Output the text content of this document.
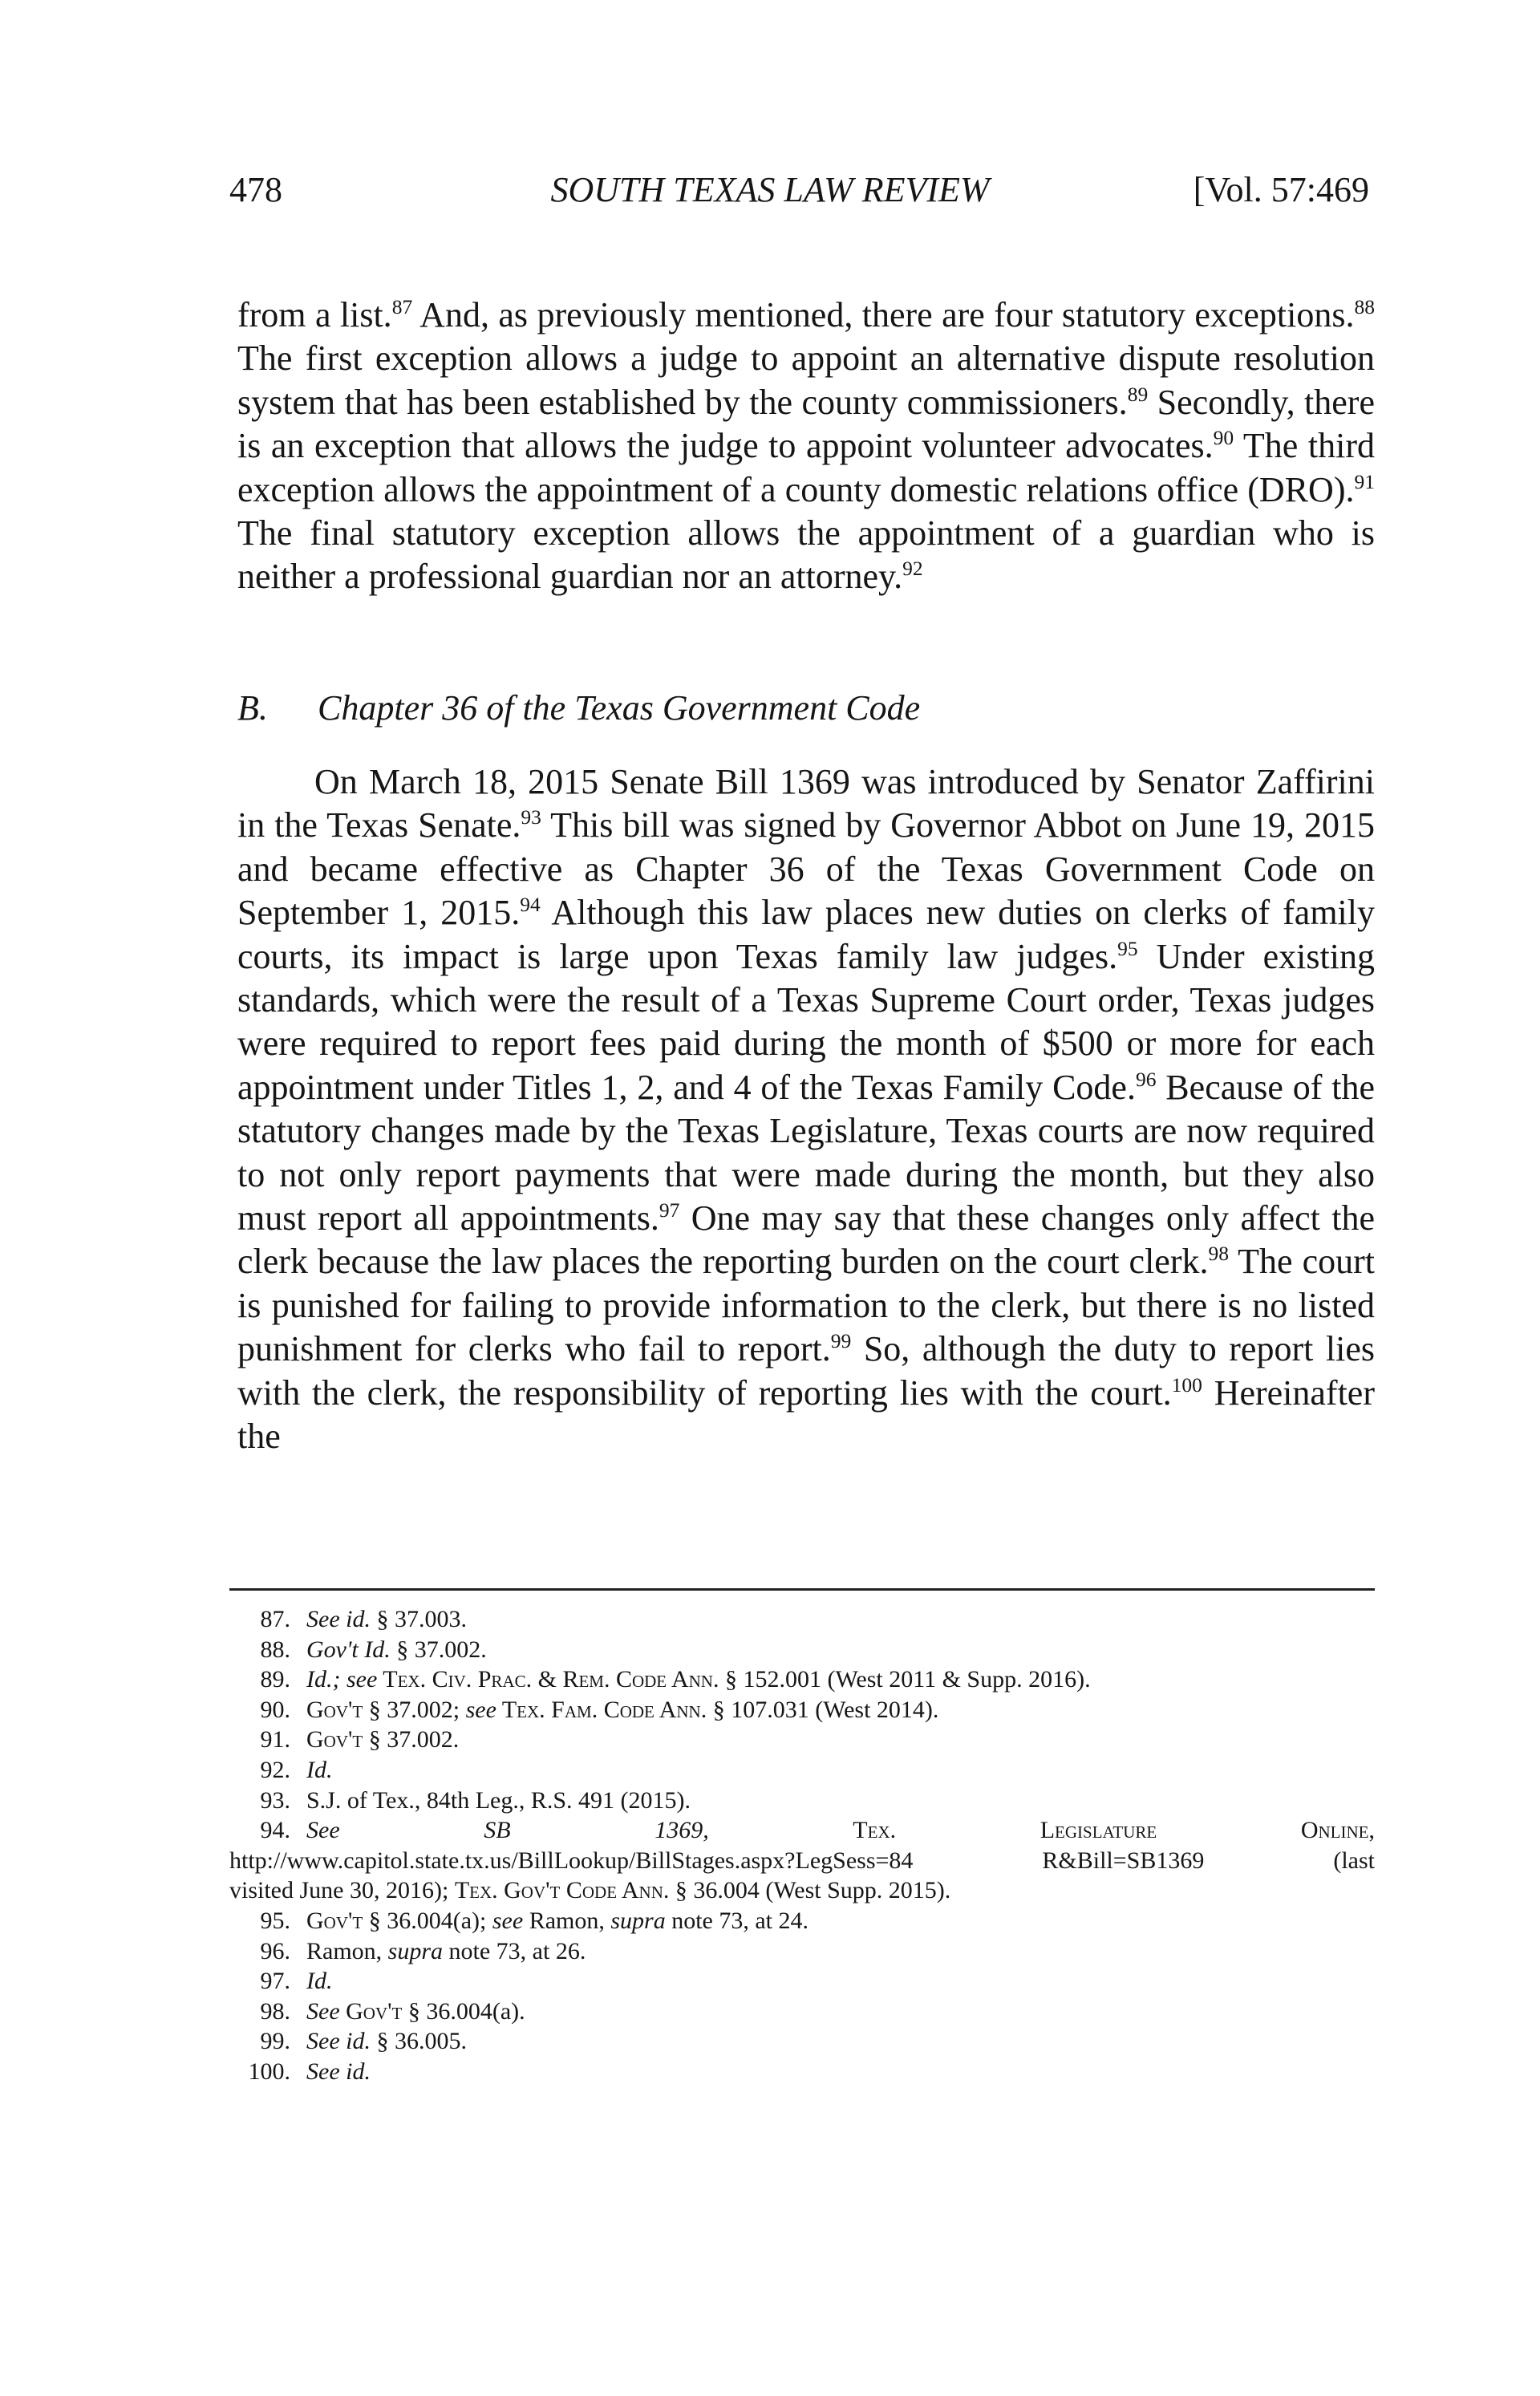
SOUTH TEXAS LAW REVIEW
478	[Vol. 57:469

from a list.$^{87}$ And, as previously mentioned, there are four statutory exceptions.$^{88}$ The first exception allows a judge to appoint an alternative dispute resolution system that has been established by the county commissioners.$^{89}$ Secondly, there is an exception that allows the judge to appoint volunteer advocates.$^{90}$ The third exception allows the appointment of a county domestic relations office (DRO).$^{91}$ The final statutory exception allows the appointment of a guardian who is neither a professional guardian nor an attorney.$^{92}$

B. Chapter 36 of the Texas Government Code

On March 18, 2015 Senate Bill 1369 was introduced by Senator Zaffirini in the Texas Senate.$^{93}$ This bill was signed by Governor Abbot on June 19, 2015 and became effective as Chapter 36 of the Texas Government Code on September 1, 2015.94 Although this law places new duties on clerks of family courts, its impact is large upon Texas family law judges.$^{95}$ Under existing standards, which were the result of a Texas Supreme Court order, Texas judges were required to report fees paid during the month of $500 or more for each appointment under Titles 1, 2, and 4 of the Texas Family Code.$^{96}$ Because of the statutory changes made by the Texas Legislature, Texas courts are now required to not only report payments that were made during the month, but they also must report all appointments.$^{97}$ One may say that these changes only affect the clerk because the law places the reporting burden on the court clerk.$^{98}$ The court is punished for failing to provide information to the clerk, but there is no listed punishment for clerks who fail to report.$^{99}$ So, although the duty to report lies with the clerk, the responsibility of reporting lies with the court.$^{100}$ Hereinafter the

87. See id. § 37.003.
88. Gov't Id. § 37.002.
89. Id.; see Tex. Civ. Prac. & Rem. Code Ann. § 152.001 (West 2011 & Supp. 2016).
90. Gov't § 37.002; see Tex. Fam. Code Ann. § 107.031 (West 2014).
91. Gov't § 37.002.
92. Id.
93. S.J. of Tex., 84th Leg., R.S. 491 (2015).
94. See	SB	1369,	Tex.	Legislature	Online,
http://www.capitol.state.tx.us/BillLookup/BillStages.aspx?LegSess=84 R&Bill=SB1369 (last
visited June 30, 2016); Tex. Gov't Code Ann. § 36.004 (West Supp. 2015).
95. Gov't § 36.004(a); see Ramon, supra note 73, at 24.
96. Ramon, supra note 73, at 26.
97. Id.
98. See Gov't § 36.004(a).
99. See id. § 36.005.
100. See id.
